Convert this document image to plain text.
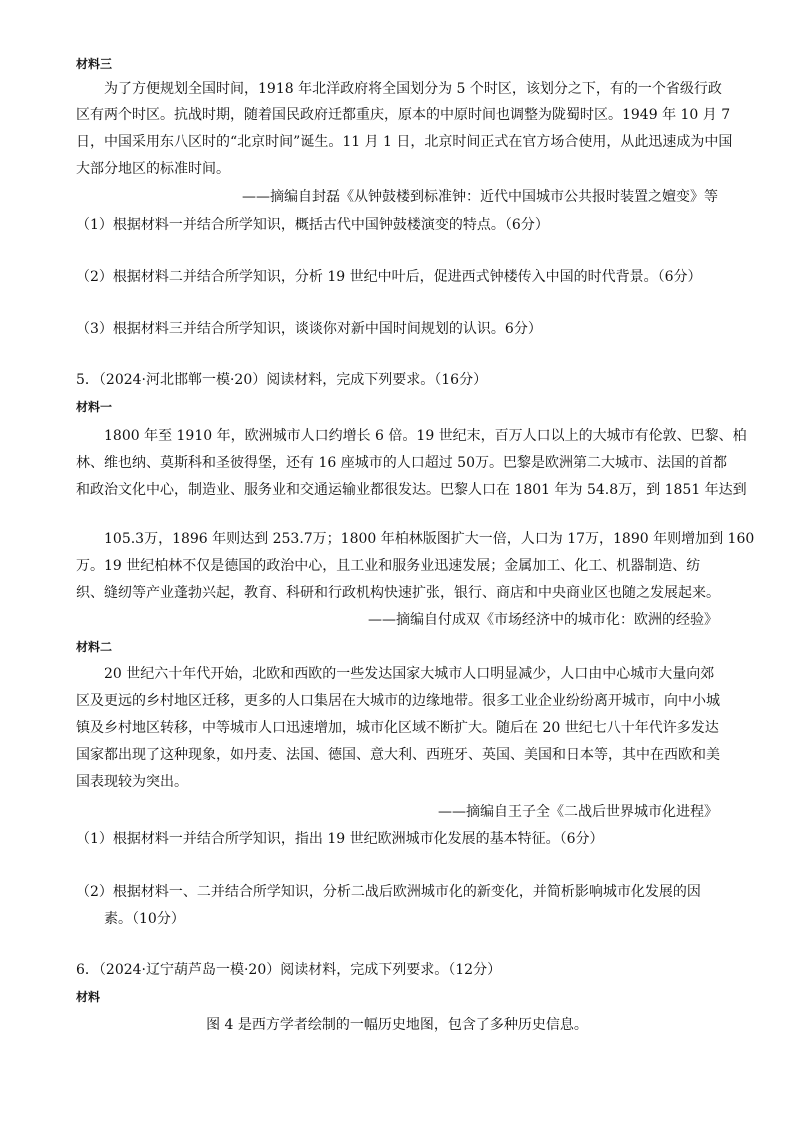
材料三
为了方便规划全国时间，1918 年北洋政府将全国划分为 5 个时区，该划分之下，有的一个省级行政
区有两个时区。抗战时期，随着国民政府迁都重庆，原本的中原时间也调整为陇蜀时区。1949 年 10 月 7
日，中国采用东八区时的“北京时间”诞生。11 月 1 日，北京时间正式在官方场合使用，从此迅速成为中国
大部分地区的标准时间。
——摘编自封磊《从钟鼓楼到标准钟：近代中国城市公共报时装置之嬗变》等
（1）根据材料一并结合所学知识，概括古代中国钟鼓楼演变的特点。（6分）
（2）根据材料二并结合所学知识，分析 19 世纪中叶后，促进西式钟楼传入中国的时代背景。（6分）
（3）根据材料三并结合所学知识，谈谈你对新中国时间规划的认识。6分）
5．（2024·河北邯郸一模·20）阅读材料，完成下列要求。（16分）
材料一
1800 年至 1910 年，欧洲城市人口约增长 6 倍。19 世纪末，百万人口以上的大城市有伦敦、巴黎、柏
林、维也纳、莫斯科和圣彼得堡，还有 16 座城市的人口超过 50万。巴黎是欧洲第二大城市、法国的首都
和政治文化中心，制造业、服务业和交通运输业都很发达。巴黎人口在 1801 年为 54.8万，到 1851 年达到
105.3万，1896 年则达到 253.7万；1800 年柏林版图扩大一倍，人口为 17万，1890 年则增加到 160
万。19 世纪柏林不仅是德国的政治中心，且工业和服务业迅速发展；金属加工、化工、机器制造、纺
织、缝纫等产业蓬勃兴起，教育、科研和行政机构快速扩张，银行、商店和中央商业区也随之发展起来。
——摘编自付成双《市场经济中的城市化：欧洲的经验》
材料二
20 世纪六十年代开始，北欧和西欧的一些发达国家大城市人口明显减少，人口由中心城市大量向郊
区及更远的乡村地区迁移，更多的人口集居在大城市的边缘地带。很多工业企业纷纷离开城市，向中小城
镇及乡村地区转移，中等城市人口迅速增加，城市化区域不断扩大。随后在 20 世纪七八十年代许多发达
国家都出现了这种现象，如丹麦、法国、德国、意大利、西班牙、英国、美国和日本等，其中在西欧和美
国表现较为突出。
——摘编自王子全《二战后世界城市化进程》
（1）根据材料一并结合所学知识，指出 19 世纪欧洲城市化发展的基本特征。（6分）
（2）根据材料一、二并结合所学知识，分析二战后欧洲城市化的新变化，并简析影响城市化发展的因
素。（10分）
6．（2024·辽宁葫芦岛一模·20）阅读材料，完成下列要求。（12分）
材料
图 4 是西方学者绘制的一幅历史地图，包含了多种历史信息。
